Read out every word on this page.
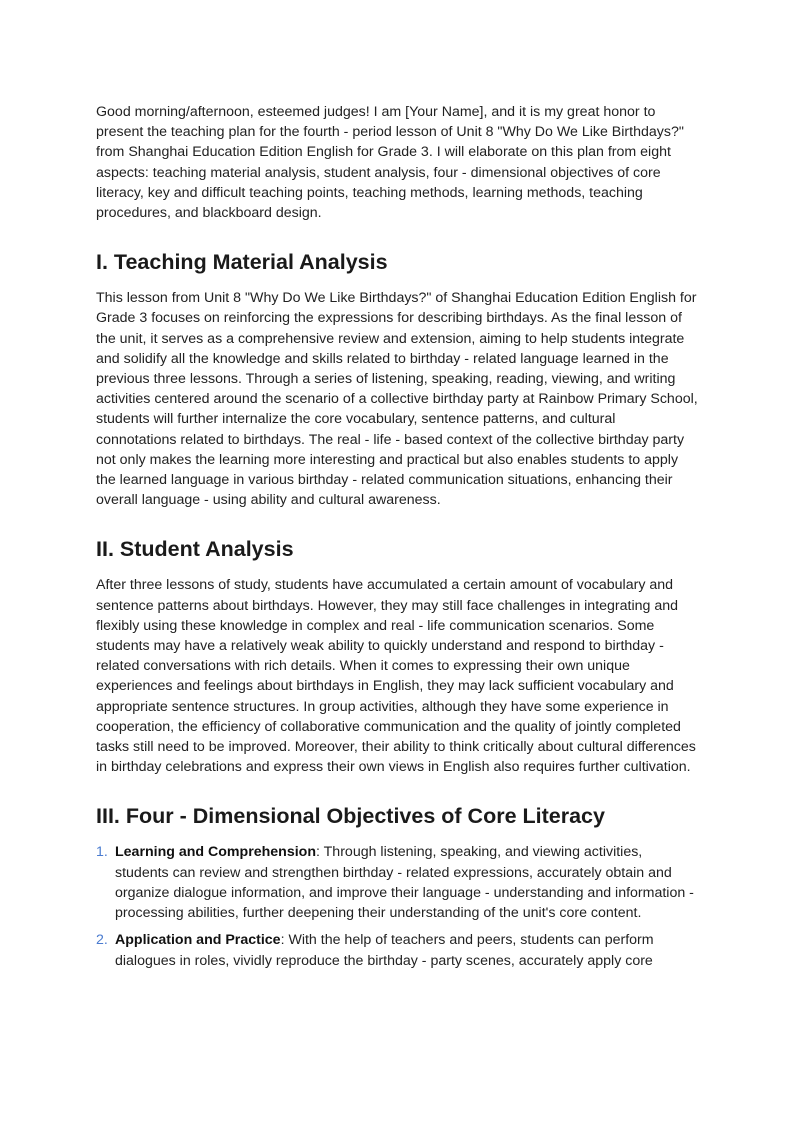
Good morning/afternoon, esteemed judges! I am [Your Name], and it is my great honor to present the teaching plan for the fourth - period lesson of Unit 8 "Why Do We Like Birthdays?" from Shanghai Education Edition English for Grade 3. I will elaborate on this plan from eight aspects: teaching material analysis, student analysis, four - dimensional objectives of core literacy, key and difficult teaching points, teaching methods, learning methods, teaching procedures, and blackboard design.

I. Teaching Material Analysis

This lesson from Unit 8 "Why Do We Like Birthdays?" of Shanghai Education Edition English for Grade 3 focuses on reinforcing the expressions for describing birthdays. As the final lesson of the unit, it serves as a comprehensive review and extension, aiming to help students integrate and solidify all the knowledge and skills related to birthday - related language learned in the previous three lessons. Through a series of listening, speaking, reading, viewing, and writing activities centered around the scenario of a collective birthday party at Rainbow Primary School, students will further internalize the core vocabulary, sentence patterns, and cultural connotations related to birthdays. The real - life - based context of the collective birthday party not only makes the learning more interesting and practical but also enables students to apply the learned language in various birthday - related communication situations, enhancing their overall language - using ability and cultural awareness.

II. Student Analysis

After three lessons of study, students have accumulated a certain amount of vocabulary and sentence patterns about birthdays. However, they may still face challenges in integrating and flexibly using these knowledge in complex and real - life communication scenarios. Some students may have a relatively weak ability to quickly understand and respond to birthday - related conversations with rich details. When it comes to expressing their own unique experiences and feelings about birthdays in English, they may lack sufficient vocabulary and appropriate sentence structures. In group activities, although they have some experience in cooperation, the efficiency of collaborative communication and the quality of jointly completed tasks still need to be improved. Moreover, their ability to think critically about cultural differences in birthday celebrations and express their own views in English also requires further cultivation.

III. Four - Dimensional Objectives of Core Literacy
1. Learning and Comprehension: Through listening, speaking, and viewing activities, students can review and strengthen birthday - related expressions, accurately obtain and organize dialogue information, and improve their language - understanding and information - processing abilities, further deepening their understanding of the unit's core content.
2. Application and Practice: With the help of teachers and peers, students can perform dialogues in roles, vividly reproduce the birthday - party scenes, accurately apply core
